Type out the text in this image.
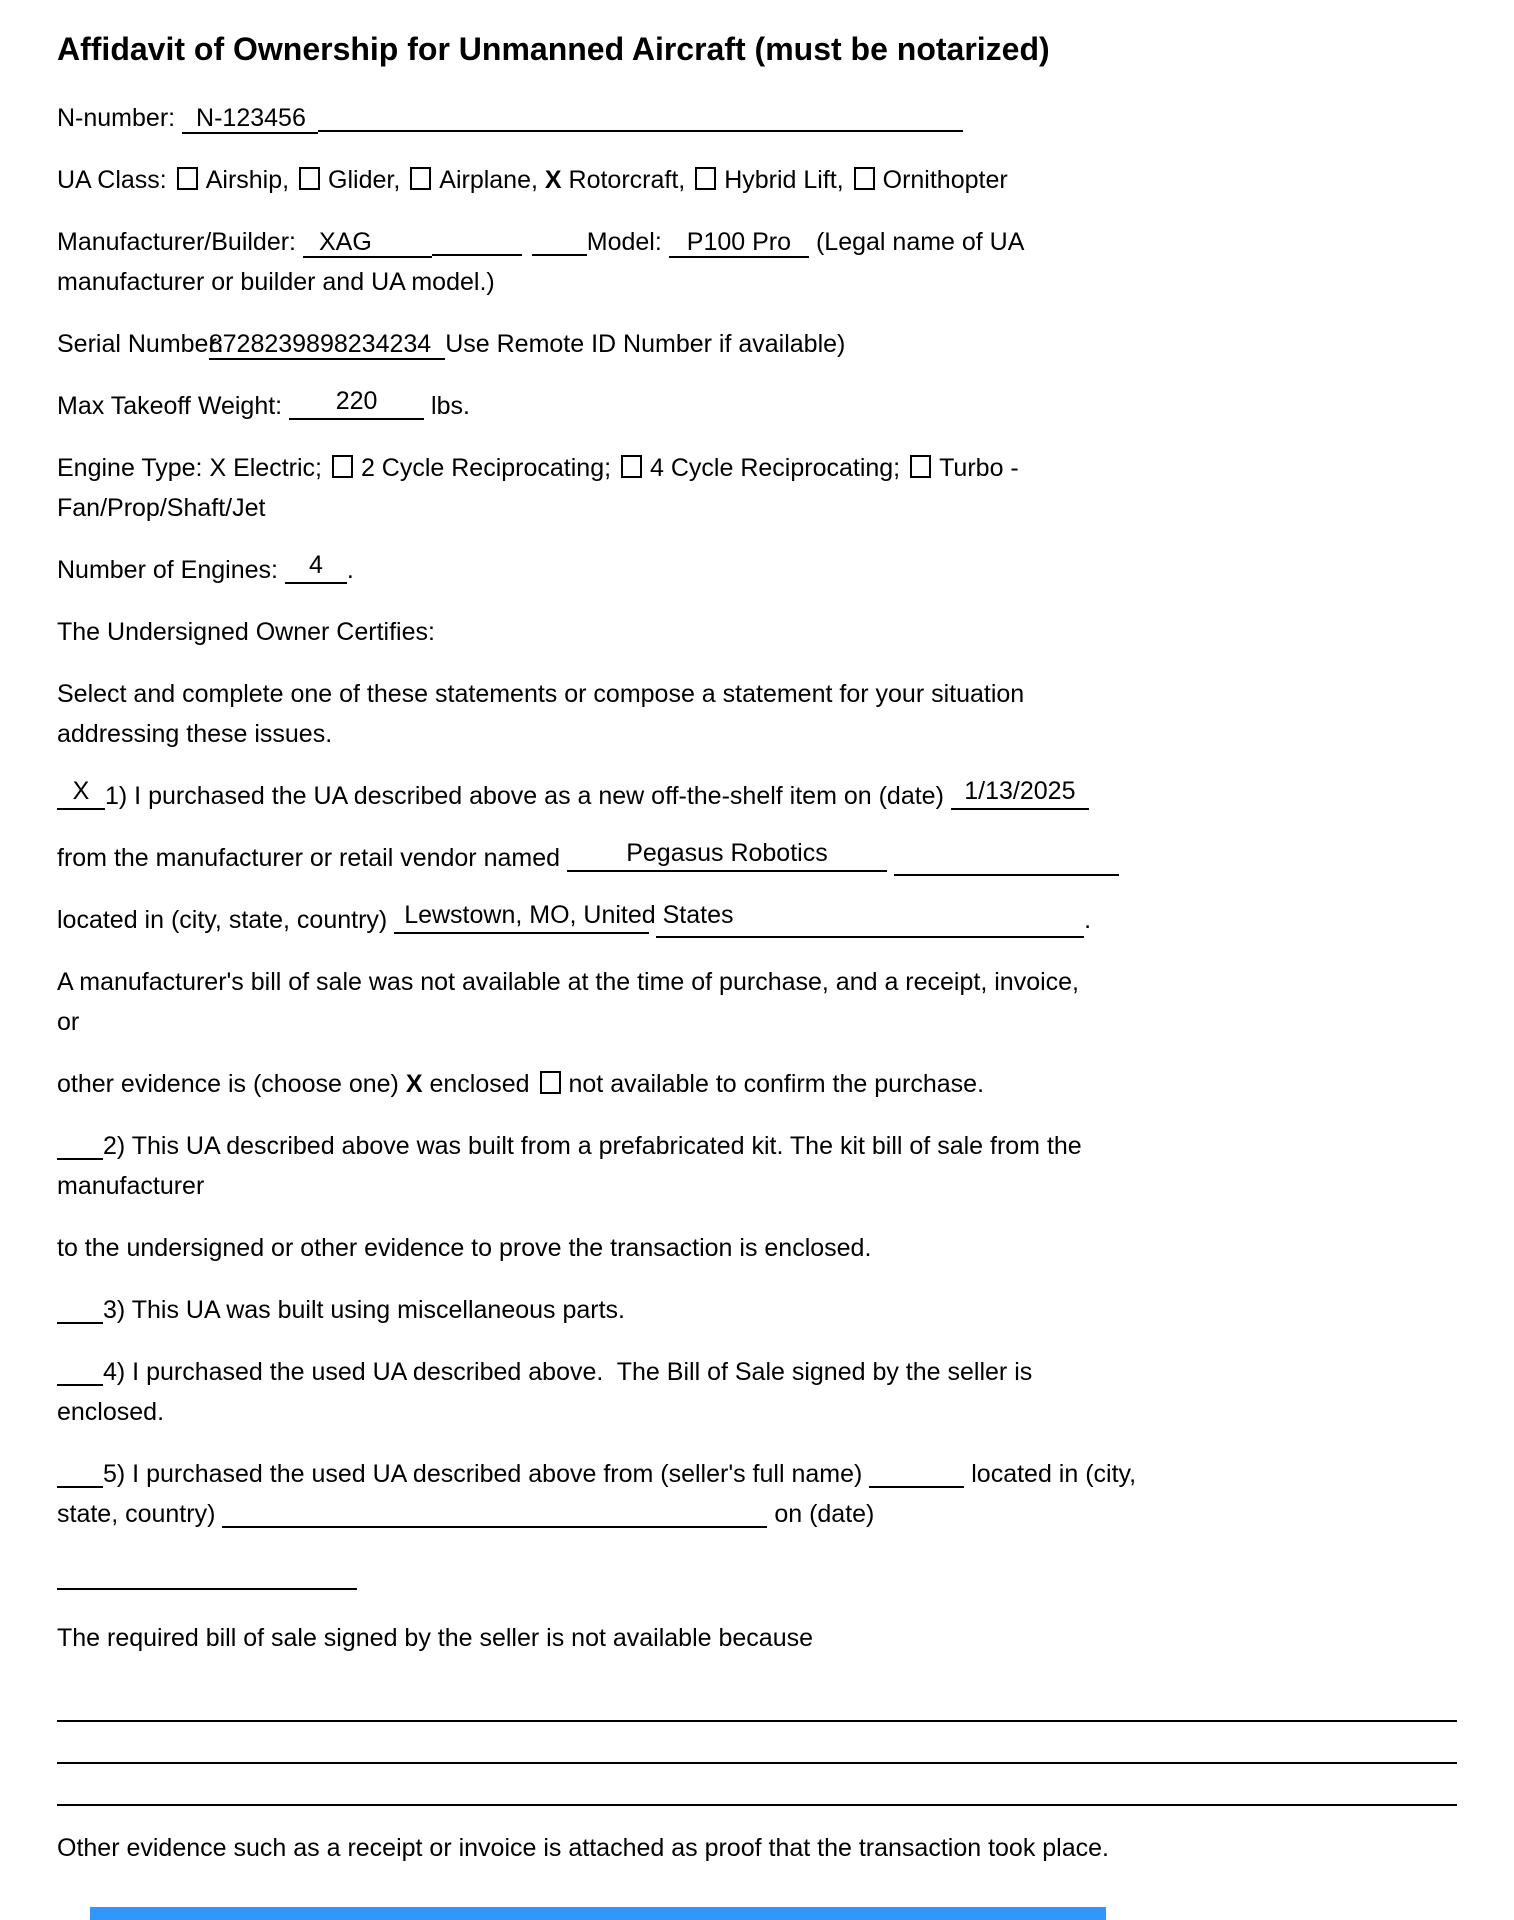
Affidavit of Ownership for Unmanned Aircraft (must be notarized)

N-number: N-123456

UA Class: Airship, Glider, Airplane, X Rotorcraft, Hybrid Lift, Ornithopter

Manufacturer/Builder: XAG	Model: P100 Pro (Legal name of UA
manufacturer or builder and UA model.)

Serial Number:8728239898234234 Use Remote ID Number if available)

Max Takeoff Weight: 220 lbs.

Engine Type: X Electric; 2 Cycle Reciprocating; 4 Cycle Reciprocating; Turbo -
Fan/Prop/Shaft/Jet

Number of Engines: 4 .

The Undersigned Owner Certifies:

Select and complete one of these statements or compose a statement for your situation
addressing these issues.

X 1) I purchased the UA described above as a new off-the-shelf item on (date) 1/13/2025

from the manufacturer or retail vendor named	Pegasus Robotics

located in (city, state, country) Lewstown, MO, United States	.

A manufacturer's bill of sale was not available at the time of purchase, and a receipt, invoice,
or

other evidence is (choose one) X enclosed not available to confirm the purchase.

2) This UA described above was built from a prefabricated kit. The kit bill of sale from the
manufacturer

to the undersigned or other evidence to prove the transaction is enclosed.

3) This UA was built using miscellaneous parts.

4) I purchased the used UA described above.  The Bill of Sale signed by the seller is
enclosed.

5) I purchased the used UA described above from (seller's full name)	located in (city,
state, country)	on (date)

The required bill of sale signed by the seller is not available because

Other evidence such as a receipt or invoice is attached as proof that the transaction took place.
